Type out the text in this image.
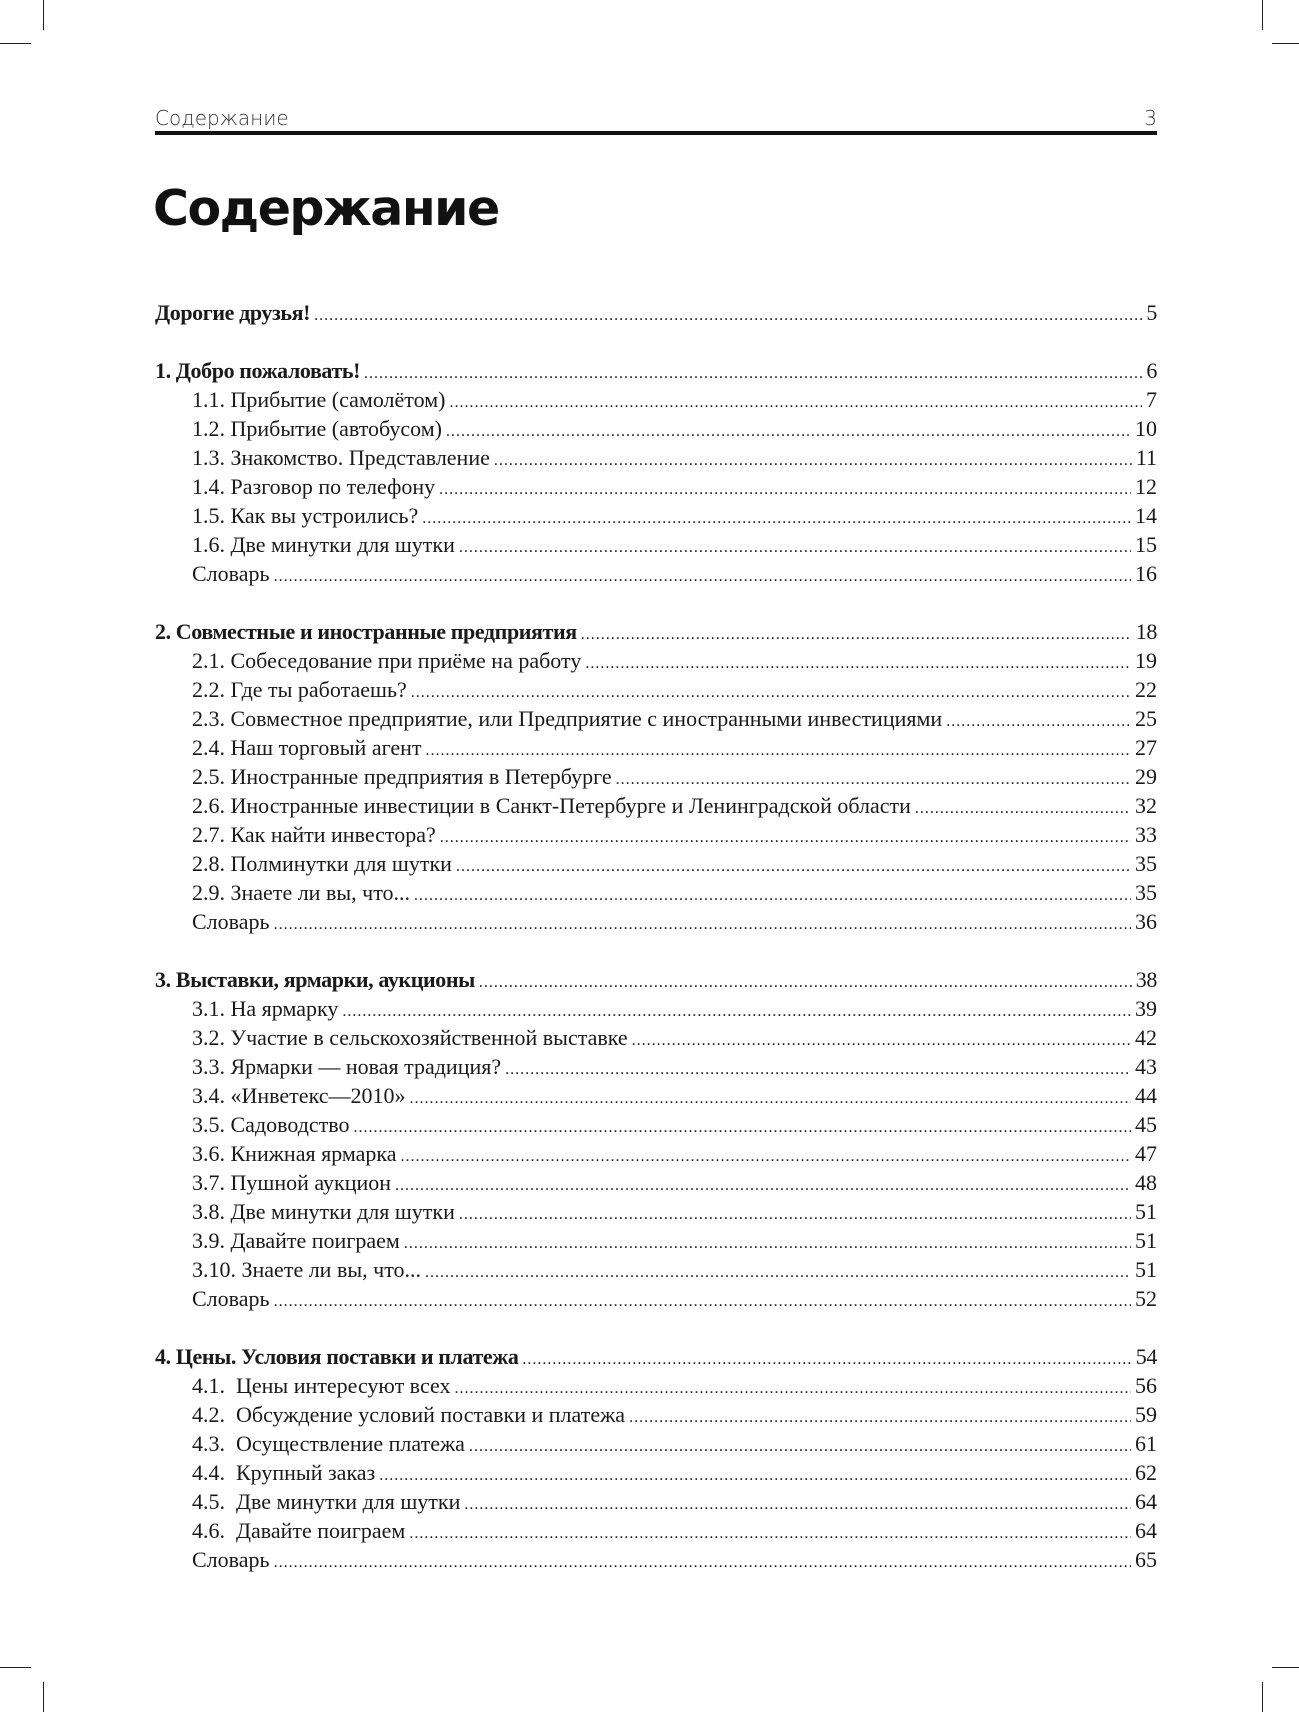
Содержание	3
Содержание
Дорогие друзья! .....	5
1. Добро пожаловать! .....	6
1.1. Прибытие (самолётом) .....	7
1.2. Прибытие (автобусом) .....	10
1.3. Знакомство. Представление .....	11
1.4. Разговор по телефону .....	12
1.5. Как вы устроились? .....	14
1.6. Две минутки для шутки .....	15
Словарь .....	16
2. Совместные и иностранные предприятия .....	18
2.1. Собеседование при приёме на работу .....	19
2.2. Где ты работаешь? .....	22
2.3. Совместное предприятие, или Предприятие с иностранными инвестициями .....	25
2.4. Наш торговый агент .....	27
2.5. Иностранные предприятия в Петербурге .....	29
2.6. Иностранные инвестиции в Санкт-Петербурге и Ленинградской области .....	32
2.7. Как найти инвестора? .....	33
2.8. Полминутки для шутки .....	35
2.9. Знаете ли вы, что... .....	35
Словарь .....	36
3. Выставки, ярмарки, аукционы .....	38
3.1. На ярмарку .....	39
3.2. Участие в сельскохозяйственной выставке .....	42
3.3. Ярмарки — новая традиция? .....	43
3.4. «Инветекс—2010» .....	44
3.5. Садоводство .....	45
3.6. Книжная ярмарка .....	47
3.7. Пушной аукцион .....	48
3.8. Две минутки для шутки .....	51
3.9. Давайте поиграем .....	51
3.10. Знаете ли вы, что... .....	51
Словарь .....	52
4. Цены. Условия поставки и платежа .....	54
4.1.  Цены интересуют всех .....	56
4.2.  Обсуждение условий поставки и платежа .....	59
4.3.  Осуществление платежа .....	61
4.4.  Крупный заказ .....	62
4.5.  Две минутки для шутки .....	64
4.6.  Давайте поиграем .....	64
Словарь .....	65
